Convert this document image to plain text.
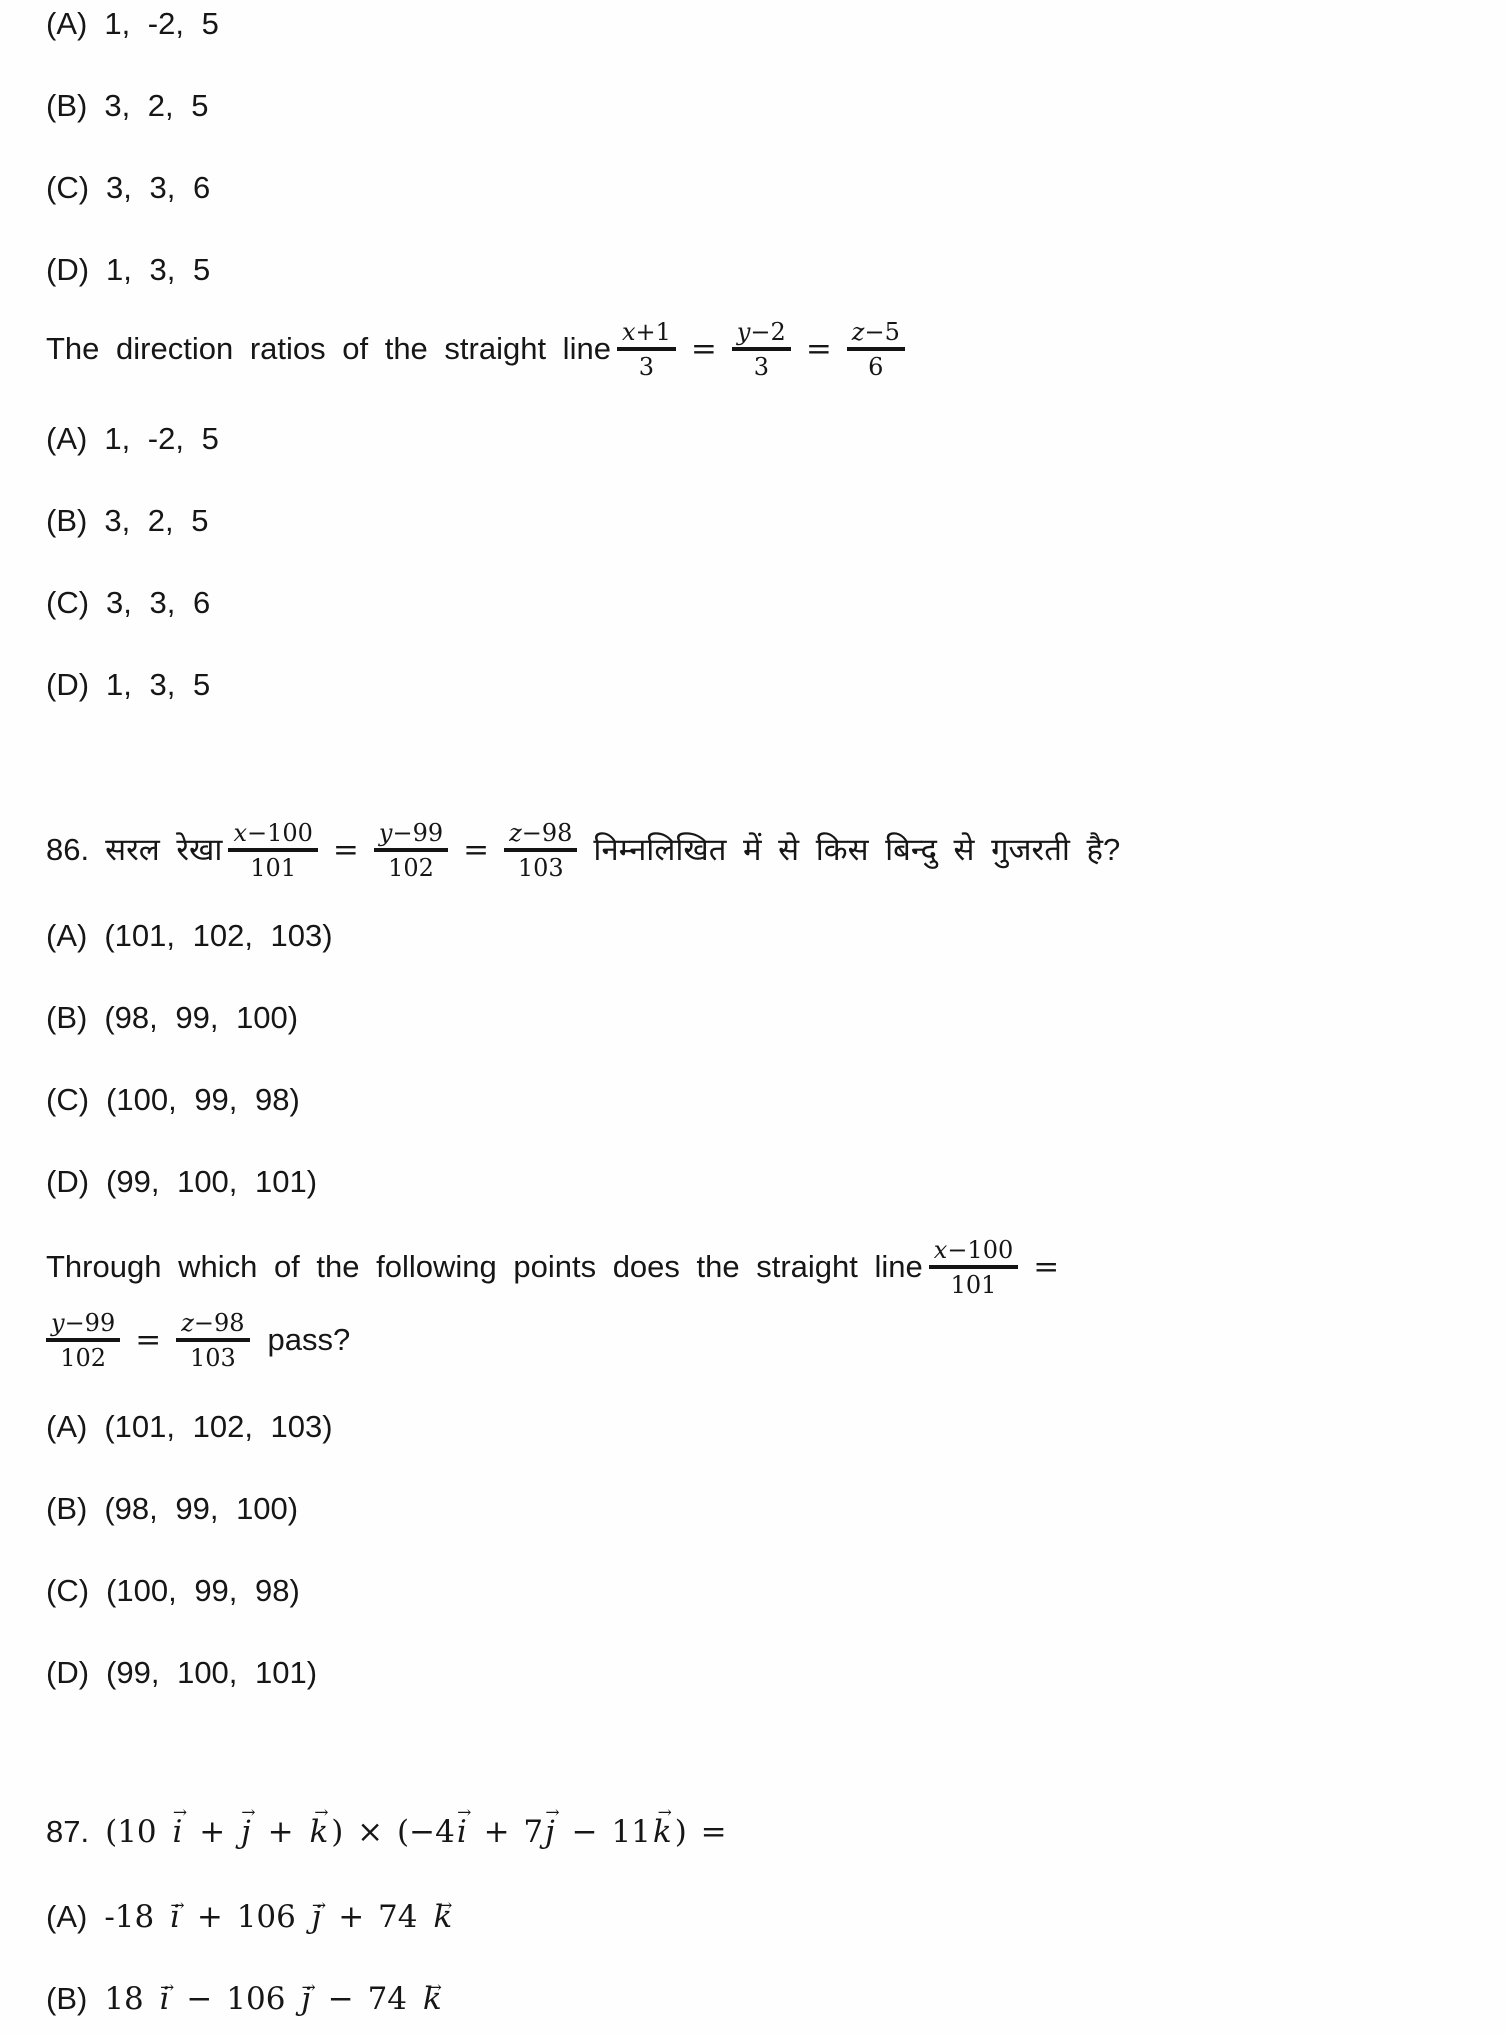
(A) 1, -2, 5
(B) 3, 2, 5
(C) 3, 3, 6
(D) 1, 3, 5
The direction ratios of the straight line $\frac{x+1}{3} = \frac{y-2}{3} = \frac{z-5}{6}$
(A) 1, -2, 5
(B) 3, 2, 5
(C) 3, 3, 6
(D) 1, 3, 5
86. सरल रेखा $\frac{x-100}{101} = \frac{y-99}{102} = \frac{z-98}{103}$ निम्नलिखित में से किस बिन्दु से गुजरती है?
(A) (101, 102, 103)
(B) (98, 99, 100)
(C) (100, 99, 98)
(D) (99, 100, 101)
Through which of the following points does the straight line $\frac{x-100}{101}$ =
$\frac{y-99}{102} = \frac{z-98}{103}$ pass?
(A) (101, 102, 103)
(B) (98, 99, 100)
(C) (100, 99, 98)
(D) (99, 100, 101)
87. (10 i → + j → + k →) × (−4i → + 7j → − 11k →) =
(A) -18 i → + 106 j → + 74 k →
(B) 18 i → − 106 j → − 74 k →
